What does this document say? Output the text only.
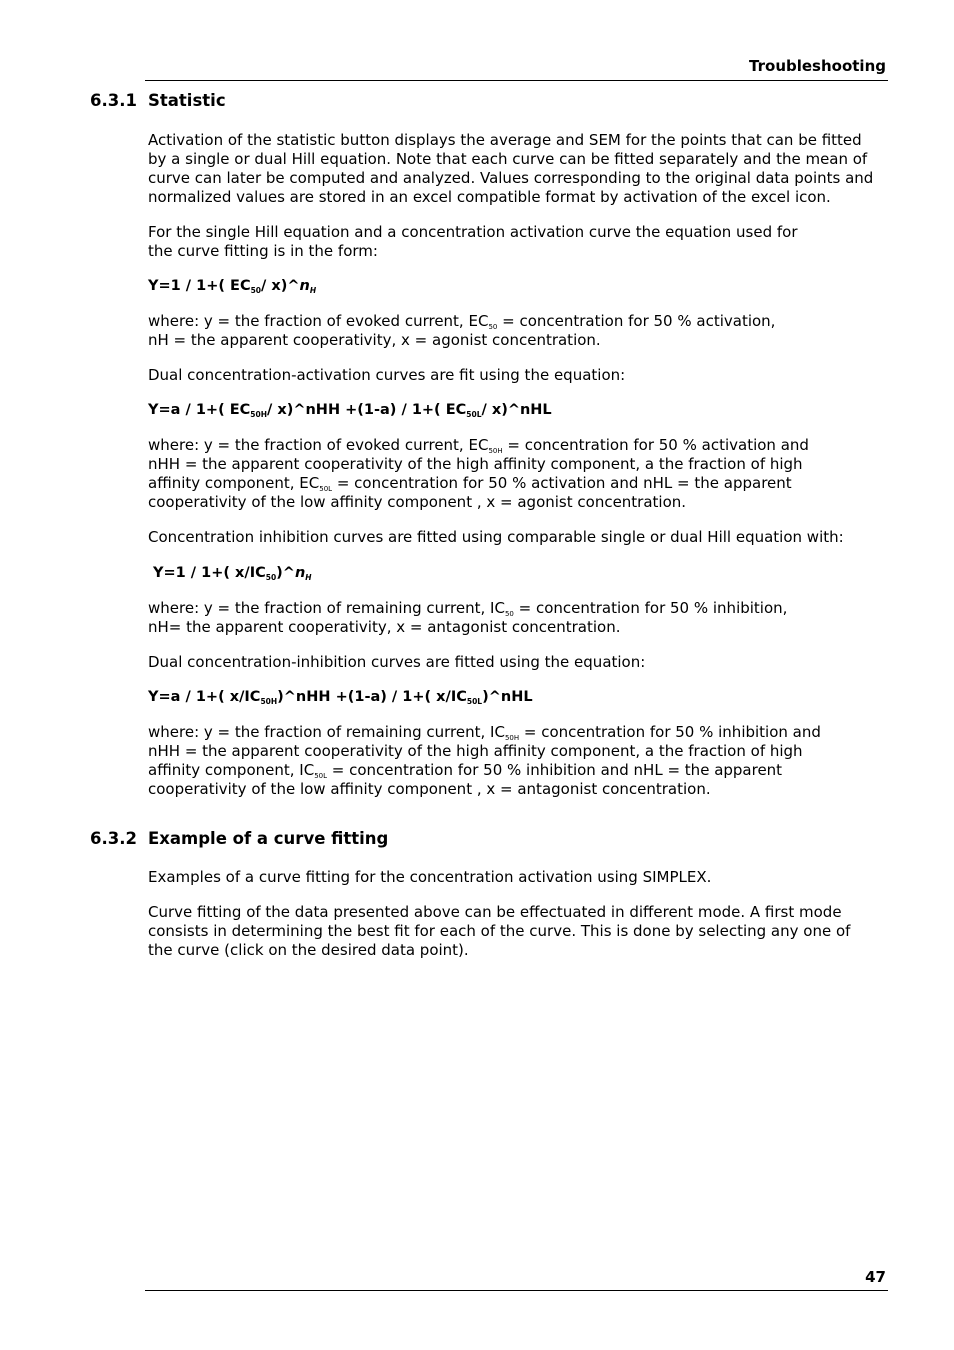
Troubleshooting
6.3.1 Statistic

Activation of the statistic button displays the average and SEM for the points that can be fitted by a single or dual Hill equation. Note that each curve can be fitted separately and the mean of curve can later be computed and analyzed. Values corresponding to the original data points and normalized values are stored in an excel compatible format by activation of the excel icon.

For the single Hill equation and a concentration activation curve the equation used for
the curve fitting is in the form:

Y=1 / 1+( $EC_{50}/$ $x)\^{}n_H$

where: y = the fraction of evoked current, $EC_{50}$ = concentration for 50 % activation,
nH = the apparent cooperativity, x = agonist concentration.

Dual concentration-activation curves are fit using the equation:

Y=a / 1+( $EC_{50H}/$ x)^nHH +(1-a) / 1+( $EC_{50L}/$ x)^nHL

where: y = the fraction of evoked current, $EC_{50H}$ = concentration for 50 % activation and
nHH = the apparent cooperativity of the high affinity component, a the fraction of high
affinity component, $EC_{50L}$ = concentration for 50 % activation and nHL = the apparent
cooperativity of the low affinity component , x = agonist concentration.

Concentration inhibition curves are fitted using comparable single or dual Hill equation with:

Y=1 / 1+( $x/IC_{50})\^{}n_H$

where: y = the fraction of remaining current, $IC_{50}$ = concentration for 50 % inhibition,
nH= the apparent cooperativity, x = antagonist concentration.

Dual concentration-inhibition curves are fitted using the equation:

Y=a / 1+( $x/IC_{50H})\^{}nHH +(1-a) / 1+$( $x/IC_{50L})\^{}nHL$

where: y = the fraction of remaining current, $IC_{50H}$ = concentration for 50 % inhibition and
nHH = the apparent cooperativity of the high affinity component, a the fraction of high
affinity component, $IC_{50L}$ = concentration for 50 % inhibition and nHL = the apparent
cooperativity of the low affinity component , x = antagonist concentration.

6.3.2 Example of a curve fitting

Examples of a curve fitting for the concentration activation using SIMPLEX.

Curve fitting of the data presented above can be effectuated in different mode. A first mode
consists in determining the best fit for each of the curve. This is done by selecting any one of
the curve (click on the desired data point).

47
